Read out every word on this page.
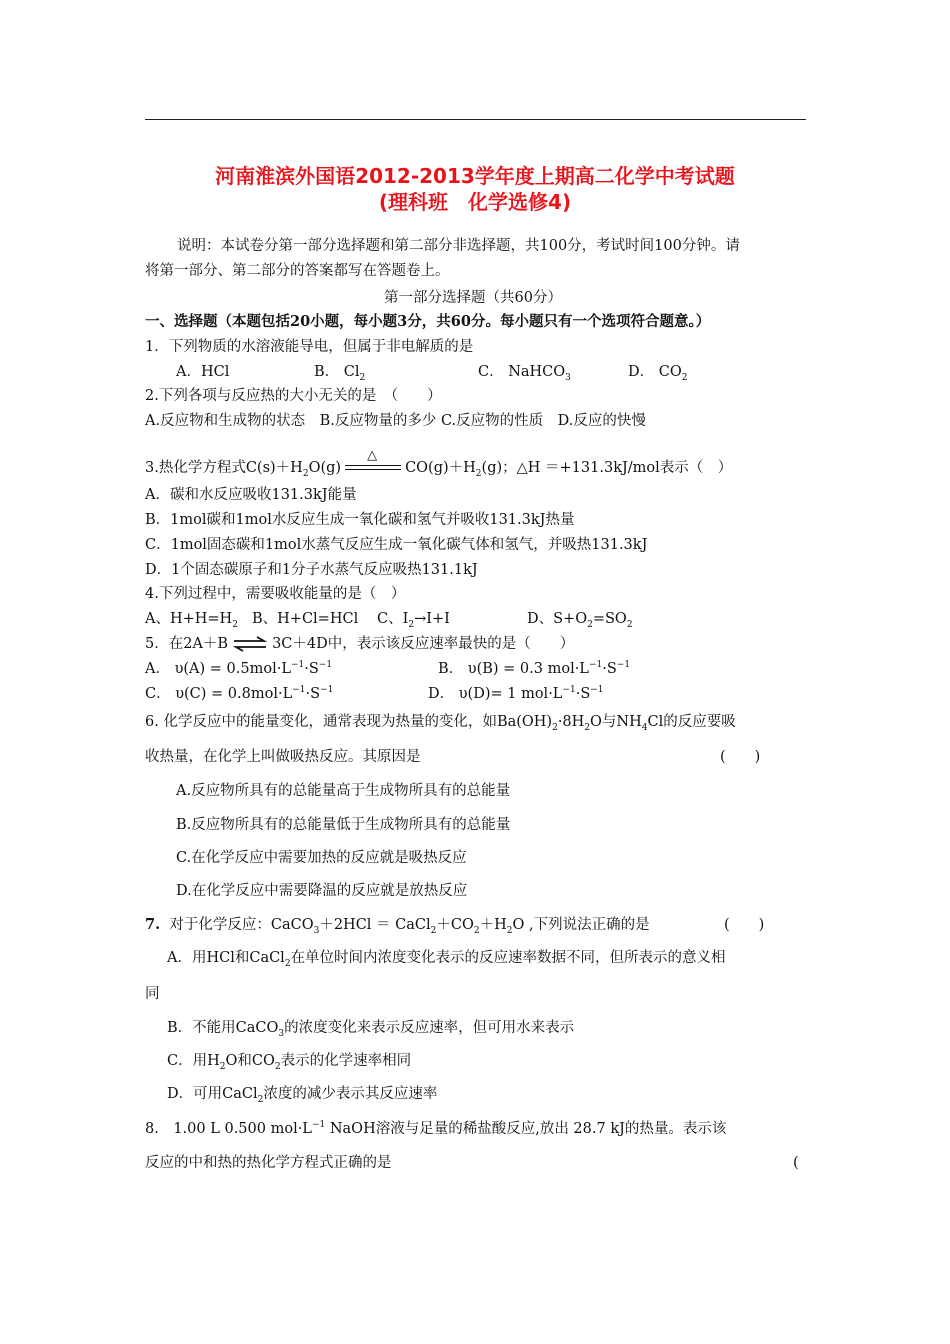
河南淮滨外国语2012-2013学年度上期高二化学中考试题
(理科班　化学选修4)
说明：本试卷分第一部分选择题和第二部分非选择题，共100分，考试时间100分钟。请
将第一部分、第二部分的答案都写在答题卷上。
第一部分选择题（共60分）
一、选择题（本题包括20小题，每小题3分，共60分。每小题只有一个选项符合题意。）
1．下列物质的水溶液能导电，但属于非电解质的是
A．HCl	B． $Cl_2$	C． NaHCO$_3$	D． $CO_2$
2.下列各项与反应热的大小无关的是　（　　）
A.反应物和生成物的状态　B.反应物量的多少 C.反应物的性质　D.反应的快慢
3.热化学方程式$C(s)+H_2O(g)$
△
$CO(g)+H_2(g)$；△H ＝+131.3kJ/mol表示（　）
A．碳和水反应吸收131.3kJ能量
B．1mol碳和1mol水反应生成一氧化碳和氢气并吸收131.3kJ热量
C．1mol固态碳和1mol水蒸气反应生成一氧化碳气体和氢气，并吸热131.3kJ
D．1个固态碳原子和1分子水蒸气反应吸热131.1kJ
4.下列过程中，需要吸收能量的是（　）
A、$H+H=H_2$ B、H+Cl=HCl C、$I_2\to I+I$	D、$S+O_2=SO_2$
5．在2A＋B ⇌ 3C＋4D中，表示该反应速率最快的是（　　）
A． $\upsilon(A) = 0.5mol\cdot L^{-1}\cdot S^{-1}$	B． υ(B) = 0.3 $mol\cdot L^{-1}\cdot S^{-1}$
C． $\upsilon(C) = 0.8mol\cdot L^{-1}\cdot S^{-1}$	D． υ(D)= 1 $mol\cdot L^{-1}\cdot S^{-1}$
6. 化学反应中的能量变化，通常表现为热量的变化，如$Ba(OH)_2\cdot 8H_2O$与$NH_4Cl$的反应要吸
收热量，在化学上叫做吸热反应。其原因是	(　　)
A.反应物所具有的总能量高于生成物所具有的总能量
B.反应物所具有的总能量低于生成物所具有的总能量
C.在化学反应中需要加热的反应就是吸热反应
D.在化学反应中需要降温的反应就是放热反应
7. 对于化学反应：CaCO$_3$＋2HCl ＝ $CaCl_2+CO_2+H_2O$ ,下列说法正确的是	(　　)
A．用HCl和CaCl$_2$在单位时间内浓度变化表示的反应速率数据不同，但所表示的意义相
同
B．不能用CaCO$_3$的浓度变化来表示反应速率，但可用水来表示
C．用$H_2O$和$CO_2$表示的化学速率相同
D．可用CaCl$_2$浓度的减少表示其反应速率
8.　1.00 L 0.500 $mol\cdot L^{-1}$ NaOH溶液与足量的稀盐酸反应,放出 28.7 kJ的热量。表示该
反应的中和热的热化学方程式正确的是	(
